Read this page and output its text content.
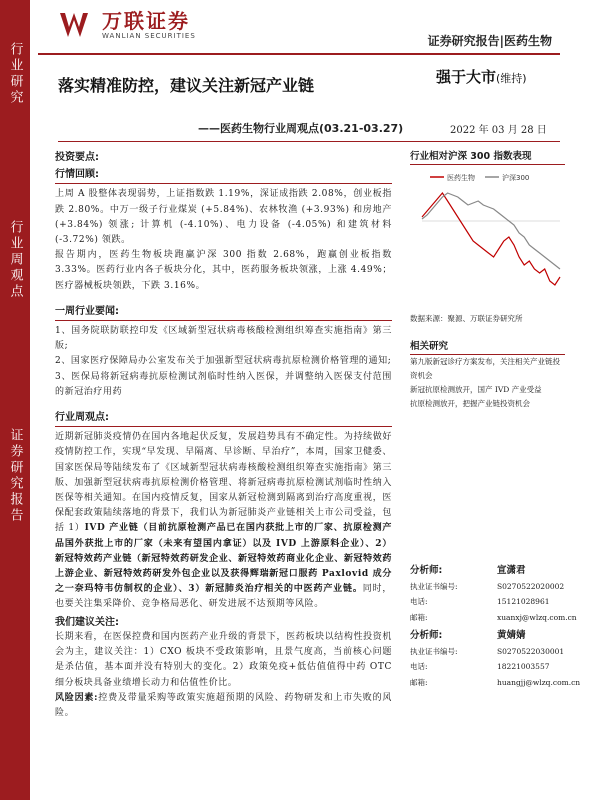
行业研究
行业周观点
证券研究报告
万联证券
WANLIAN SECURITIES	证券研究报告|医药生物
落实精准防控，建议关注新冠产业链
——医药生物行业周观点(03.21-03.27)
强于大市(维持)
2022 年 03 月 28 日
投资要点:
行情回顾:

上周 A 股整体表现弱势，上证指数跌 1.19%，深证成指跌 2.08%，创业板指跌 2.80%。中万一级子行业煤炭 (+5.84%)、农林牧渔 (+3.93%) 和房地产 (+3.84%) 领涨; 计算机 (-4.10%)、电力设备 (-4.05%) 和建筑材料 (-3.72%) 领跌。

报告期内，医药生物板块跑赢沪深 300 指数 2.68%，跑赢创业板指数 3.33%。医药行业内各子板块分化，其中，医药服务板块领涨，上涨 4.49%；医疗器械板块领跌，下跌 3.16%。

一周行业要闻:

1、国务院联防联控印发《区域新型冠状病毒核酸检测组织筹查实施指南》第三版;

2、国家医疗保障局办公室发布关于加强新型冠状病毒抗原检测价格管理的通知;

3、医保局将新冠病毒抗原检测试剂临时性纳入医保，并调整纳入医保支付范围的新冠治疗用药

行业周观点:

近期新冠肺炎疫情仍在国内各地起伏反复，发展趋势具有不确定性。为持续做好疫情防控工作，实现“早发现、早隔离、早诊断、早治疗”，本周，国家卫健委、国家医保局等陆续发布了《区域新型冠状病毒核酸检测组织筹查实施指南》第三版、加强新型冠状病毒抗原检测价格管理、将新冠病毒抗原检测试剂临时性纳入医保等相关通知。在国内疫情反复，国家从新冠检测到隔离到治疗高度重视，医保配套政策陆续落地的背景下，我们认为新冠肺炎产业链相关上市公司受益，包括 1）IVD 产业链（目前抗原检测产品已在国内获批上市的厂家、抗原检测产品国外获批上市的厂家（未来有望国内拿证）以及 IVD 上游原料企业）、2）新冠特效药产业链（新冠特效药研发企业、新冠特效药商业化企业、新冠特效药上游企业、新冠特效药研发外包企业以及获得辉瑞新冠口服药 Paxlovid 成分之一奈玛特韦仿制权的企业）、3）新冠肺炎治疗相关的中医药产业链。同时，也要关注集采降价、竞争格局恶化、研发进展不达预期等风险。

我们建议关注:

长期来看，在医保控费和国内医药产业升级的背景下，医药板块以结构性投资机会为主，建议关注：1）CXO 板块不受政策影响，且景气度高，当前核心问题是杀估值，基本面并没有特别大的变化。2）政策免疫+低估值值得中药 OTC 细分板块具备业绩增长动力和估值性价比。

风险因素:控费及带量采购等政策实施超预期的风险、药物研发和上市失败的风险。

行业相对沪深 300 指数表现
医药生物	沪深300
数据来源：聚源、万联证券研究所
相关研究
第九版新冠诊疗方案发布，关注相关产业链投资机会
新冠抗原检测放开，国产 IVD 产业受益
抗原检测放开，把握产业链投资机会
分析师:	宣潇君
执业证书编号:	S0270522020002
电话:	15121028961
邮箱:	xuanxj@wlzq.com.cn
分析师:	黄婧婧
执业证书编号:	S0270522030001
电话:	18221003557
邮箱:	huangjj@wlzq.com.cn
